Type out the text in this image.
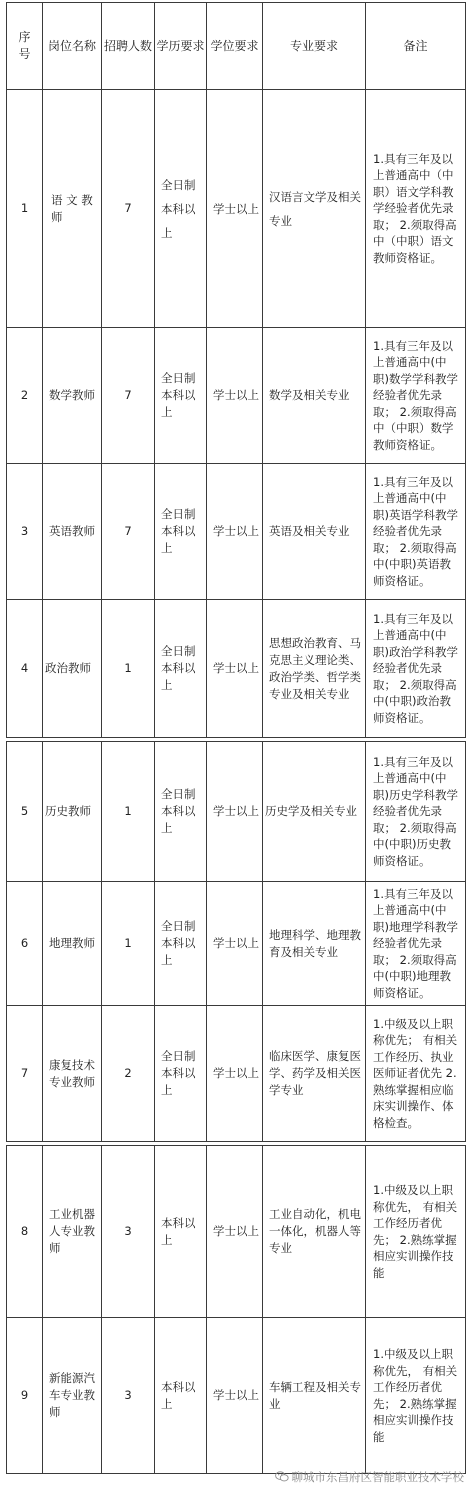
序号	岗位名称	招聘人数	学历要求	学位要求	专业要求	备注
1	语 文 教师	7	全日制本科以上	学士以上	汉语言文学及相关专业	1.具有三年及以上普通高中（中职）语文学科教学经验者优先录取； 2.须取得高中（中职）语文教师资格证。
2	数学教师	7	全日制本科以上	学士以上	数学及相关专业	1.具有三年及以上普通高中(中职)数学学科教学经验者优先录取； 2.须取得高中（中职）数学教师资格证。
3	英语教师	7	全日制本科以上	学士以上	英语及相关专业	1.具有三年及以上普通高中(中职)英语学科教学经验者优先录取； 2.须取得高中(中职)英语教师资格证。
4	政治教师	1	全日制本科以上	学士以上	思想政治教育、马克思主义理论类、政治学类、哲学类专业及相关专业	1.具有三年及以上普通高中(中职)政治学科教学经验者优先录取； 2.须取得高中(中职)政治教师资格证。
5	历史教师	1	全日制本科以上	学士以上	历史学及相关专业	1.具有三年及以上普通高中(中职)历史学科教学经验者优先录取； 2.须取得高中(中职)历史教师资格证。
6	地理教师	1	全日制本科以上	学士以上	地理科学、地理教育及相关专业	1.具有三年及以上普通高中(中职)地理学科教学经验者优先录取； 2.须取得高中(中职)地理教师资格证。
7	康复技术专业教师	2	全日制本科以上	学士以上	临床医学、康复医学、药学及相关医学专业	1.中级及以上职称优先； 有相关工作经历、执业医师证者优先 2.熟练掌握相应临床实训操作、体格检查。
8	工业机器人专业教师	3	本科以上	学士以上	工业自动化，机电一体化，机器人等专业	1.中级及以上职称优先， 有相关工作经历者优先； 2.熟练掌握相应实训操作技能
9	新能源汽车专业教师	3	本科以上	学士以上	车辆工程及相关专业	1.中级及以上职称优先， 有相关工作经历者优先； 2.熟练掌握相应实训操作技能
聊城市东昌府区智能职业技术学校
